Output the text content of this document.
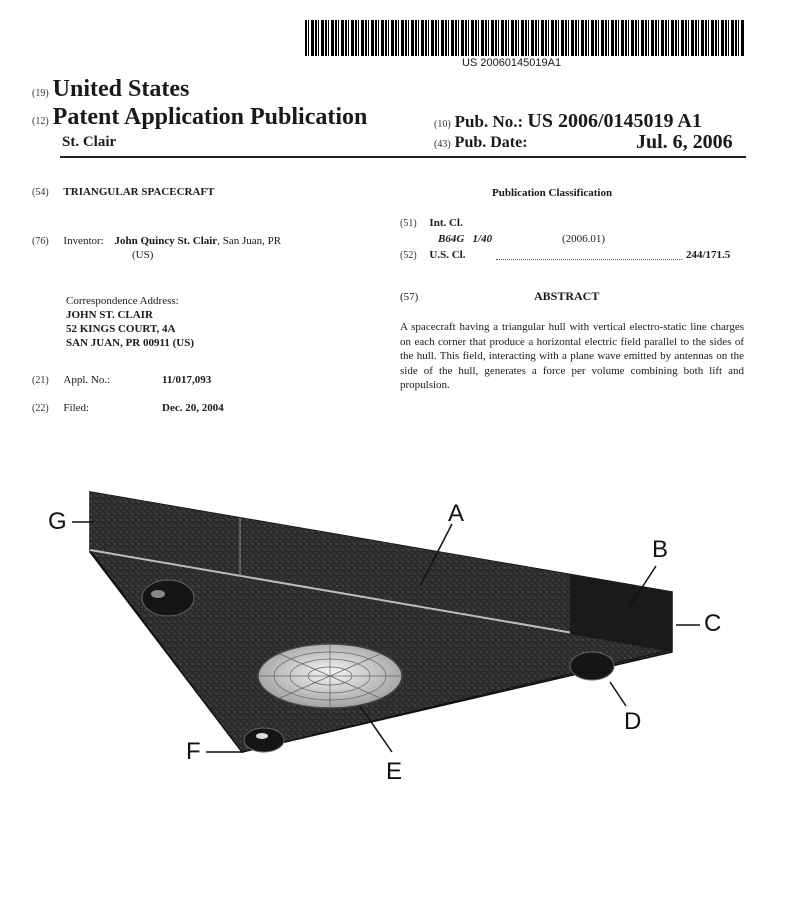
US 20060145019A1
(19) United States
(12) Patent Application Publication
St. Clair
(10) Pub. No.: US 2006/0145019 A1
(43) Pub. Date:	Jul. 6, 2006
(54) TRIANGULAR SPACECRAFT
(76) Inventor: John Quincy St. Clair, San Juan, PR
(US)
Correspondence Address:
JOHN ST. CLAIR
52 KINGS COURT, 4A
SAN JUAN, PR 00911 (US)
(21) Appl. No.:	11/017,093
(22) Filed:	Dec. 20, 2004
Publication Classification
(51) Int. Cl.
B64G   1/40	(2006.01)
(52) U.S. Cl.	244/171.5
(57)	ABSTRACT
A spacecraft having a triangular hull with vertical electro-static line charges on each corner that produce a horizontal electric field parallel to the sides of the hull. This field, interacting with a plane wave emitted by antennas on the side of the hull, generates a force per volume combining both lift and propulsion.
G	A
B
C
D
E
F
